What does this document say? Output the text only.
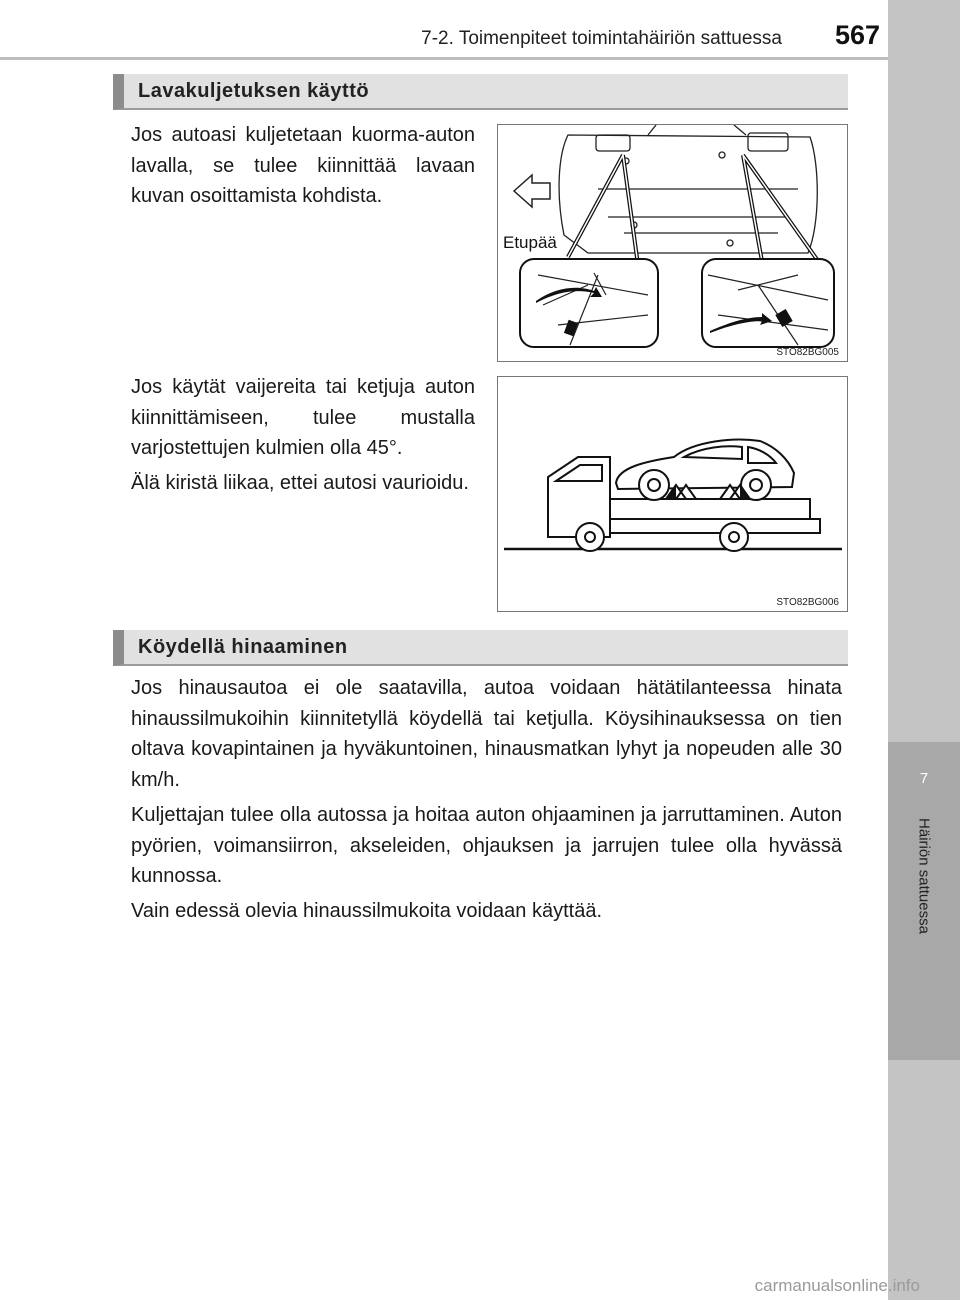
7-2. Toimenpiteet toimintahäiriön sattuessa 567
7
Häiriön sattuessa
Lavakuljetuksen käyttö

Jos autoasi kuljetetaan kuorma-auton lavalla, se tulee kiinnittää lavaan kuvan osoittamista kohdista.

Etupää
STO82BG005

Jos käytät vaijereita tai ketjuja auton kiinnittämiseen, tulee mustalla varjostettujen kulmien olla 45°.

Älä kiristä liikaa, ettei autosi vaurioidu.

STO82BG006
Köydellä hinaaminen

Jos hinausautoa ei ole saatavilla, autoa voidaan hätätilanteessa hinata hinaussilmukoihin kiinnitetyllä köydellä tai ketjulla. Köysihinauksessa on tien oltava kovapintainen ja hyväkuntoinen, hinausmatkan lyhyt ja nopeuden alle 30 km/h.

Kuljettajan tulee olla autossa ja hoitaa auton ohjaaminen ja jarruttaminen. Auton pyörien, voimansiirron, akseleiden, ohjauksen ja jarrujen tulee olla hyvässä kunnossa.

Vain edessä olevia hinaussilmukoita voidaan käyttää.

carmanualsonline.info
